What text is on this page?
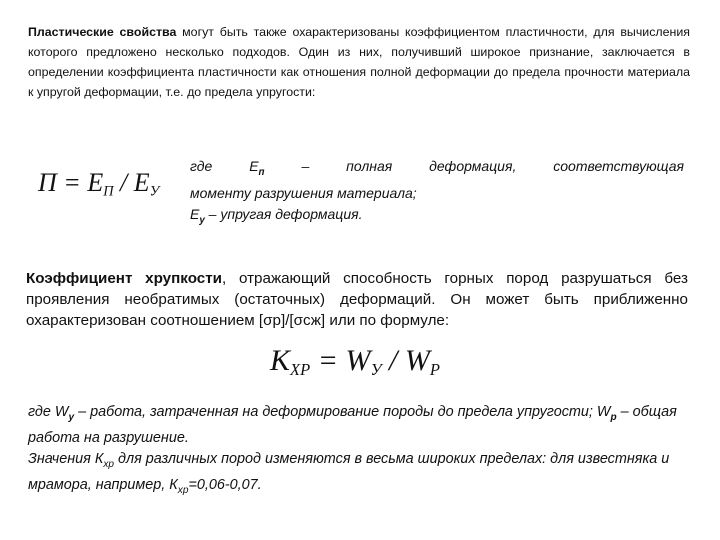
Пластические свойства могут быть также охарактеризованы коэффициентом пластичности, для вычисления которого предложено несколько подходов. Один из них, получивший широкое признание, заключается в определении коэффициента пластичности как отношения полной деформации до предела прочности материала к упругой деформации, т.е. до предела упругости:

$П = E_П / E_У$
где $E_п$ – полная деформация, соответствующая
моменту разрушения материала;
$E_у$ – упругая деформация.

Коэффициент хрупкости, отражающий способность горных пород разрушаться без проявления необратимых (остаточных) деформаций. Он может быть приближенно охарактеризован соотношением [σр]/[σсж] или по формуле:

$K_{XP} = W_У / W_P$
где $W_у$ – работа, затраченная на деформирование породы до предела упругости; $W_р$ – общая работа на разрушение.
Значения $К_{хр}$ для различных пород изменяются в весьма широких пределах: для известняка и мрамора, например, $К_{хр}=0,06-0,07$.
